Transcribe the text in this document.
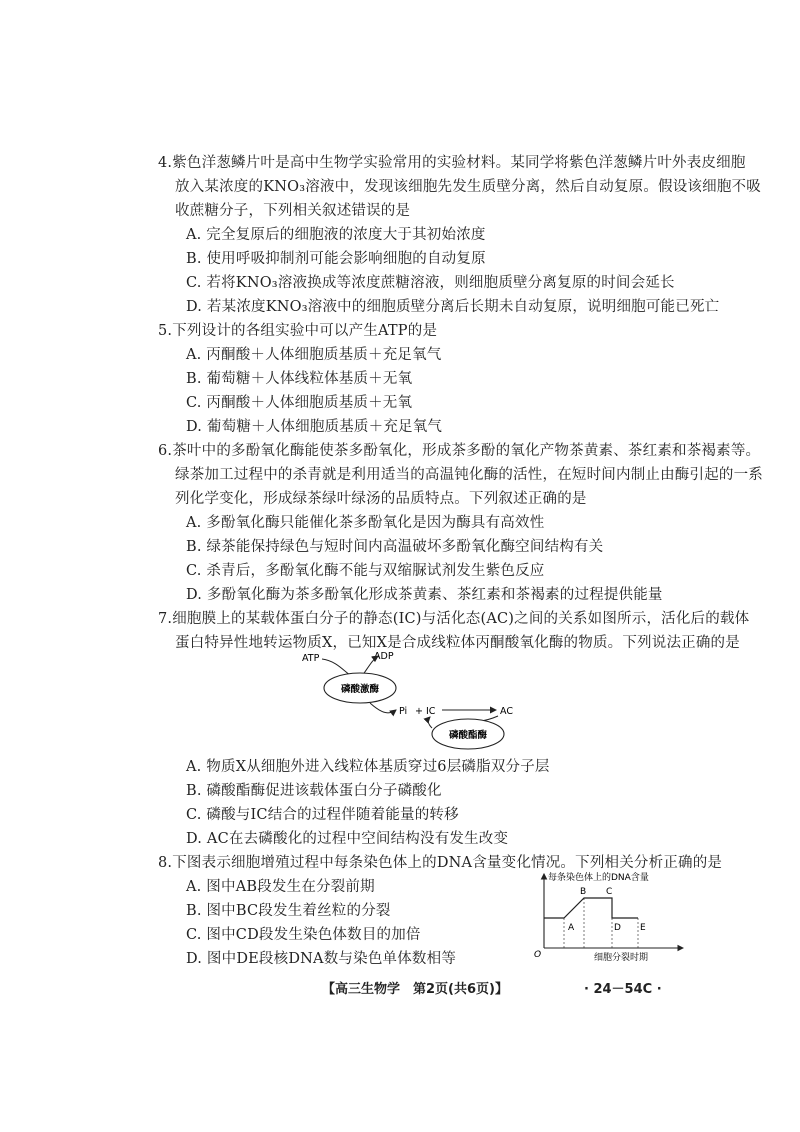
4.紫色洋葱鳞片叶是高中生物学实验常用的实验材料。某同学将紫色洋葱鳞片叶外表皮细胞
放入某浓度的KNO₃溶液中，发现该细胞先发生质壁分离，然后自动复原。假设该细胞不吸
收蔗糖分子，下列相关叙述错误的是
A. 完全复原后的细胞液的浓度大于其初始浓度
B. 使用呼吸抑制剂可能会影响细胞的自动复原
C. 若将KNO₃溶液换成等浓度蔗糖溶液，则细胞质壁分离复原的时间会延长
D. 若某浓度KNO₃溶液中的细胞质壁分离后长期未自动复原，说明细胞可能已死亡
5.下列设计的各组实验中可以产生ATP的是
A. 丙酮酸＋人体细胞质基质＋充足氧气
B. 葡萄糖＋人体线粒体基质＋无氧
C. 丙酮酸＋人体细胞质基质＋无氧
D. 葡萄糖＋人体细胞质基质＋充足氧气
6.茶叶中的多酚氧化酶能使茶多酚氧化，形成茶多酚的氧化产物茶黄素、茶红素和茶褐素等。
绿茶加工过程中的杀青就是利用适当的高温钝化酶的活性，在短时间内制止由酶引起的一系
列化学变化，形成绿茶绿叶绿汤的品质特点。下列叙述正确的是
A. 多酚氧化酶只能催化茶多酚氧化是因为酶具有高效性
B. 绿茶能保持绿色与短时间内高温破坏多酚氧化酶空间结构有关
C. 杀青后，多酚氧化酶不能与双缩脲试剂发生紫色反应
D. 多酚氧化酶为茶多酚氧化形成茶黄素、茶红素和茶褐素的过程提供能量
7.细胞膜上的某载体蛋白分子的静态(IC)与活化态(AC)之间的关系如图所示，活化后的载体
蛋白特异性地转运物质X，已知X是合成线粒体丙酮酸氧化酶的物质。下列说法正确的是
ATP	ADP
磷酸激酶
Pi + IC	AC
磷酸酯酶
A. 物质X从细胞外进入线粒体基质穿过6层磷脂双分子层
B. 磷酸酯酶促进该载体蛋白分子磷酸化
C. 磷酸与IC结合的过程伴随着能量的转移
D. AC在去磷酸化的过程中空间结构没有发生改变
8.下图表示细胞增殖过程中每条染色体上的DNA含量变化情况。下列相关分析正确的是
A. 图中AB段发生在分裂前期
B. 图中BC段发生着丝粒的分裂
C. 图中CD段发生染色体数目的加倍
D. 图中DE段核DNA数与染色单体数相等
每条染色体上的DNA含量
细胞分裂时期
O
A
B C
D E
【高三生物学　第2页(共6页)】	· 24－54C ·
